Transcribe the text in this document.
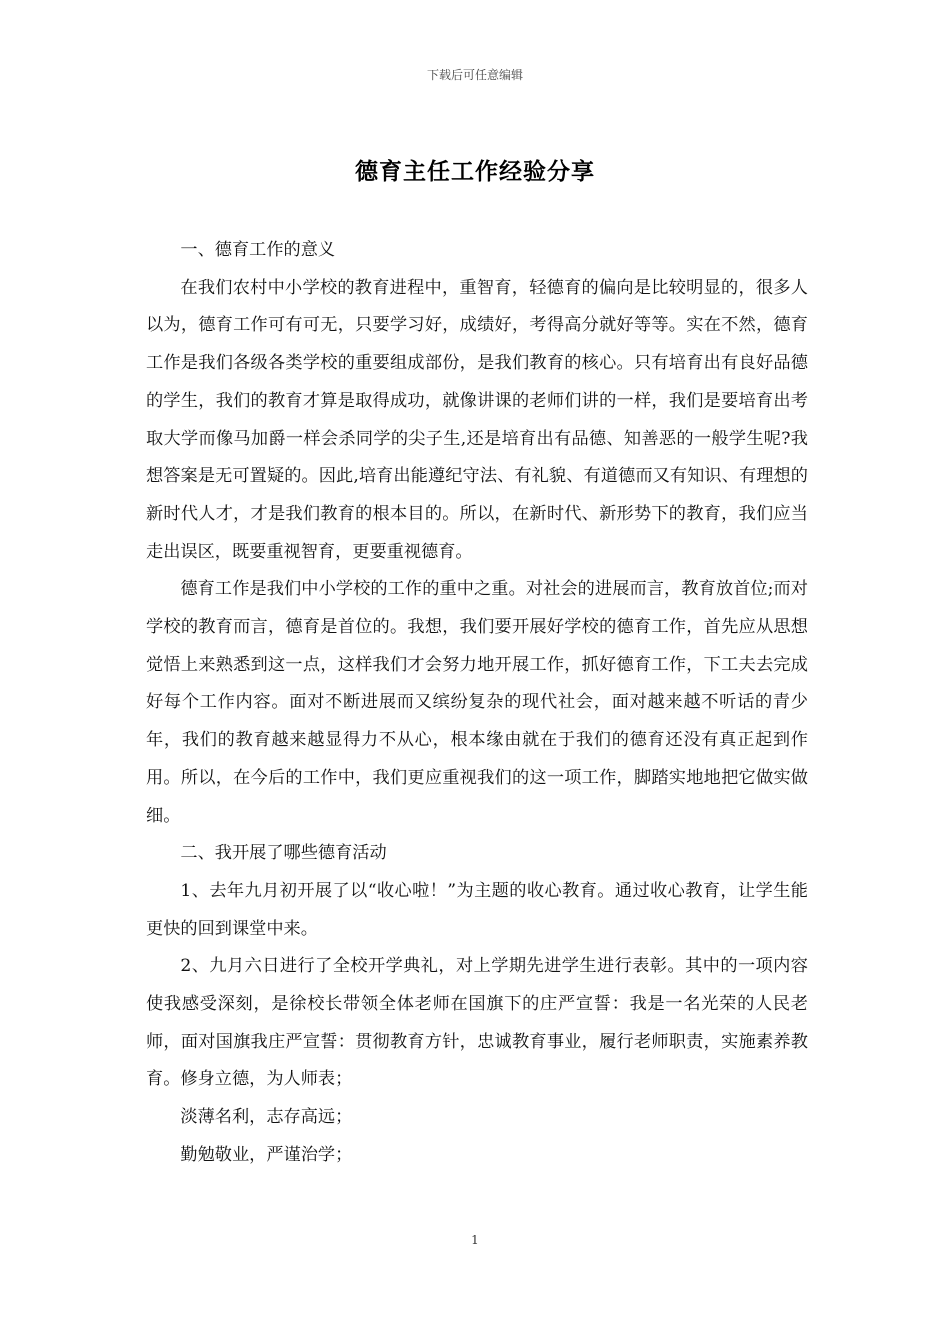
下载后可任意编辑
德育主任工作经验分享

一、德育工作的意义

在我们农村中小学校的教育进程中，重智育，轻德育的偏向是比较明显的，很多人以为，德育工作可有可无，只要学习好，成绩好，考得高分就好等等。实在不然，德育工作是我们各级各类学校的重要组成部份，是我们教育的核心。只有培育出有良好品德的学生，我们的教育才算是取得成功，就像讲课的老师们讲的一样，我们是要培育出考取大学而像马加爵一样会杀同学的尖子生,还是培育出有品德、知善恶的一般学生呢?我想答案是无可置疑的。因此,培育出能遵纪守法、有礼貌、有道德而又有知识、有理想的新时代人才，才是我们教育的根本目的。所以，在新时代、新形势下的教育，我们应当走出误区，既要重视智育，更要重视德育。

德育工作是我们中小学校的工作的重中之重。对社会的进展而言，教育放首位;而对学校的教育而言，德育是首位的。我想，我们要开展好学校的德育工作，首先应从思想觉悟上来熟悉到这一点，这样我们才会努力地开展工作，抓好德育工作，下工夫去完成好每个工作内容。面对不断进展而又缤纷复杂的现代社会，面对越来越不听话的青少年，我们的教育越来越显得力不从心，根本缘由就在于我们的德育还没有真正起到作用。所以，在今后的工作中，我们更应重视我们的这一项工作，脚踏实地地把它做实做细。

二、我开展了哪些德育活动

1、去年九月初开展了以“收心啦！”为主题的收心教育。通过收心教育，让学生能更快的回到课堂中来。

2、九月六日进行了全校开学典礼，对上学期先进学生进行表彰。其中的一项内容使我感受深刻，是徐校长带领全体老师在国旗下的庄严宣誓：我是一名光荣的人民老师，面对国旗我庄严宣誓：贯彻教育方针，忠诚教育事业，履行老师职责，实施素养教育。修身立德，为人师表；

淡薄名利，志存高远；

勤勉敬业，严谨治学；

1
